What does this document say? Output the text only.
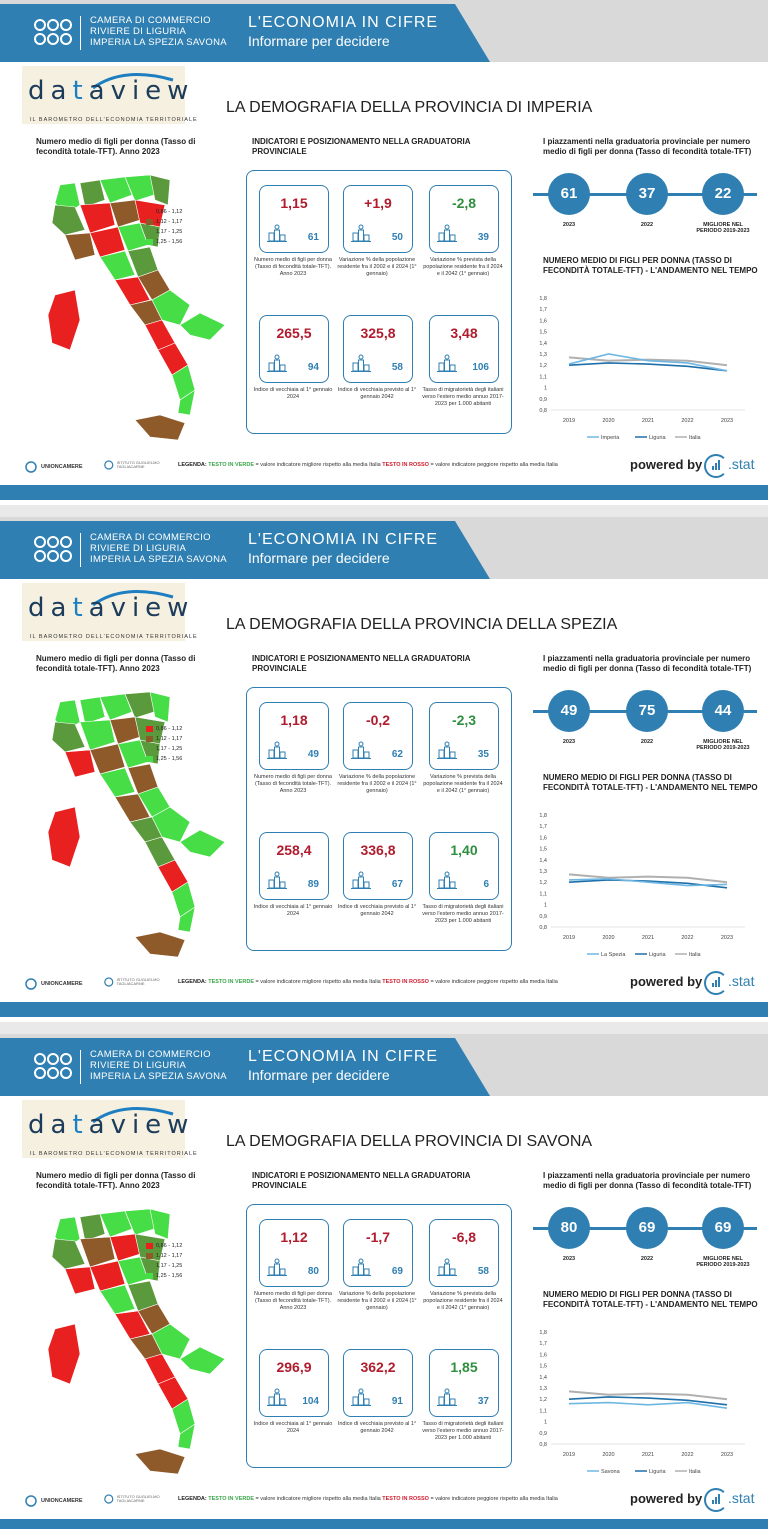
CAMERA DI COMMERCIO
RIVIERE DI LIGURIA
IMPERIA LA SPEZIA SAVONA
L'ECONOMIA IN CIFRE
Informare per decidere
dataview
IL BAROMETRO DELL'ECONOMIA TERRITORIALE
LA DEMOGRAFIA DELLA PROVINCIA DI IMPERIA
Numero medio di figli per donna (Tasso di fecondità totale-TFT). Anno 2023
0,86 - 1,12
1,12 - 1,17
1,17 - 1,25
1,25 - 1,56
INDICATORI E POSIZIONAMENTO NELLA GRADUATORIA PROVINCIALE
1,15
61
Numero medio di figli per donna (Tasso di fecondità totale-TFT). Anno 2023
+1,9
50
Variazione % della popolazione residente fra il 2002 e il 2024 (1° gennaio)
-2,8
39
Variazione % prevista della popolazione residente fra il 2024 e il 2042 (1° gennaio)
265,5
94
Indice di vecchiaia al 1° gennaio 2024
325,8
58
Indice di vecchiaia previsto al 1° gennaio 2042
3,48
106
Tasso di migratorietà degli italiani verso l'estero medio annuo 2017-2023 per 1.000 abitanti
I piazzamenti nella graduatoria provinciale per numero medio di figli per donna (Tasso di fecondità totale-TFT)
61	37	22
2023	2022	MIGLIORE NEL PERIODO 2019-2023
NUMERO MEDIO DI FIGLI PER DONNA (TASSO DI FECONDITÀ TOTALE-TFT) - L'ANDAMENTO NEL TEMPO
0,8
0,9
1
1,1
1,2
1,3
1,4
1,5
1,6
1,7
1,8
2019	2020	2021	2022	2023
Imperia	Liguria	Italia
UNIONCAMERE
ISTITUTO GUGLIELMO TAGLIACARNE	LEGENDA: TESTO IN VERDE = valore indicatore migliore rispetto alla media Italia TESTO IN ROSSO = valore indicatore peggiore rispetto alla media Italia	powered by .stat
CAMERA DI COMMERCIO
RIVIERE DI LIGURIA
IMPERIA LA SPEZIA SAVONA
L'ECONOMIA IN CIFRE
Informare per decidere
dataview
IL BAROMETRO DELL'ECONOMIA TERRITORIALE
LA DEMOGRAFIA DELLA PROVINCIA DELLA SPEZIA
Numero medio di figli per donna (Tasso di fecondità totale-TFT). Anno 2023
0,86 - 1,12
1,12 - 1,17
1,17 - 1,25
1,25 - 1,56
INDICATORI E POSIZIONAMENTO NELLA GRADUATORIA PROVINCIALE
1,18
49
Numero medio di figli per donna (Tasso di fecondità totale-TFT). Anno 2023
-0,2
62
Variazione % della popolazione residente fra il 2002 e il 2024 (1° gennaio)
-2,3
35
Variazione % prevista della popolazione residente fra il 2024 e il 2042 (1° gennaio)
258,4
89
Indice di vecchiaia al 1° gennaio 2024
336,8
67
Indice di vecchiaia previsto al 1° gennaio 2042
1,40
6
Tasso di migratorietà degli italiani verso l'estero medio annuo 2017-2023 per 1.000 abitanti
I piazzamenti nella graduatoria provinciale per numero medio di figli per donna (Tasso di fecondità totale-TFT)
49	75	44
2023	2022	MIGLIORE NEL PERIODO 2019-2023
NUMERO MEDIO DI FIGLI PER DONNA (TASSO DI FECONDITÀ TOTALE-TFT) - L'ANDAMENTO NEL TEMPO
0,8
0,9
1
1,1
1,2
1,3
1,4
1,5
1,6
1,7
1,8
2019	2020	2021	2022	2023
La Spezia	Liguria	Italia
UNIONCAMERE
ISTITUTO GUGLIELMO TAGLIACARNE	LEGENDA: TESTO IN VERDE = valore indicatore migliore rispetto alla media Italia TESTO IN ROSSO = valore indicatore peggiore rispetto alla media Italia	powered by .stat
CAMERA DI COMMERCIO
RIVIERE DI LIGURIA
IMPERIA LA SPEZIA SAVONA
L'ECONOMIA IN CIFRE
Informare per decidere
dataview
IL BAROMETRO DELL'ECONOMIA TERRITORIALE
LA DEMOGRAFIA DELLA PROVINCIA DI SAVONA
Numero medio di figli per donna (Tasso di fecondità totale-TFT). Anno 2023
0,86 - 1,12
1,12 - 1,17
1,17 - 1,25
1,25 - 1,56
INDICATORI E POSIZIONAMENTO NELLA GRADUATORIA PROVINCIALE
1,12
80
Numero medio di figli per donna (Tasso di fecondità totale-TFT). Anno 2023
-1,7
69
Variazione % della popolazione residente fra il 2002 e il 2024 (1° gennaio)
-6,8
58
Variazione % prevista della popolazione residente fra il 2024 e il 2042 (1° gennaio)
296,9
104
Indice di vecchiaia al 1° gennaio 2024
362,2
91
Indice di vecchiaia previsto al 1° gennaio 2042
1,85
37
Tasso di migratorietà degli italiani verso l'estero medio annuo 2017-2023 per 1.000 abitanti
I piazzamenti nella graduatoria provinciale per numero medio di figli per donna (Tasso di fecondità totale-TFT)
80	69	69
2023	2022	MIGLIORE NEL PERIODO 2019-2023
NUMERO MEDIO DI FIGLI PER DONNA (TASSO DI FECONDITÀ TOTALE-TFT) - L'ANDAMENTO NEL TEMPO
0,8
0,9
1
1,1
1,2
1,3
1,4
1,5
1,6
1,7
1,8
2019	2020	2021	2022	2023
Savona	Liguria	Italia
UNIONCAMERE
ISTITUTO GUGLIELMO TAGLIACARNE	LEGENDA: TESTO IN VERDE = valore indicatore migliore rispetto alla media Italia TESTO IN ROSSO = valore indicatore peggiore rispetto alla media Italia	powered by .stat
